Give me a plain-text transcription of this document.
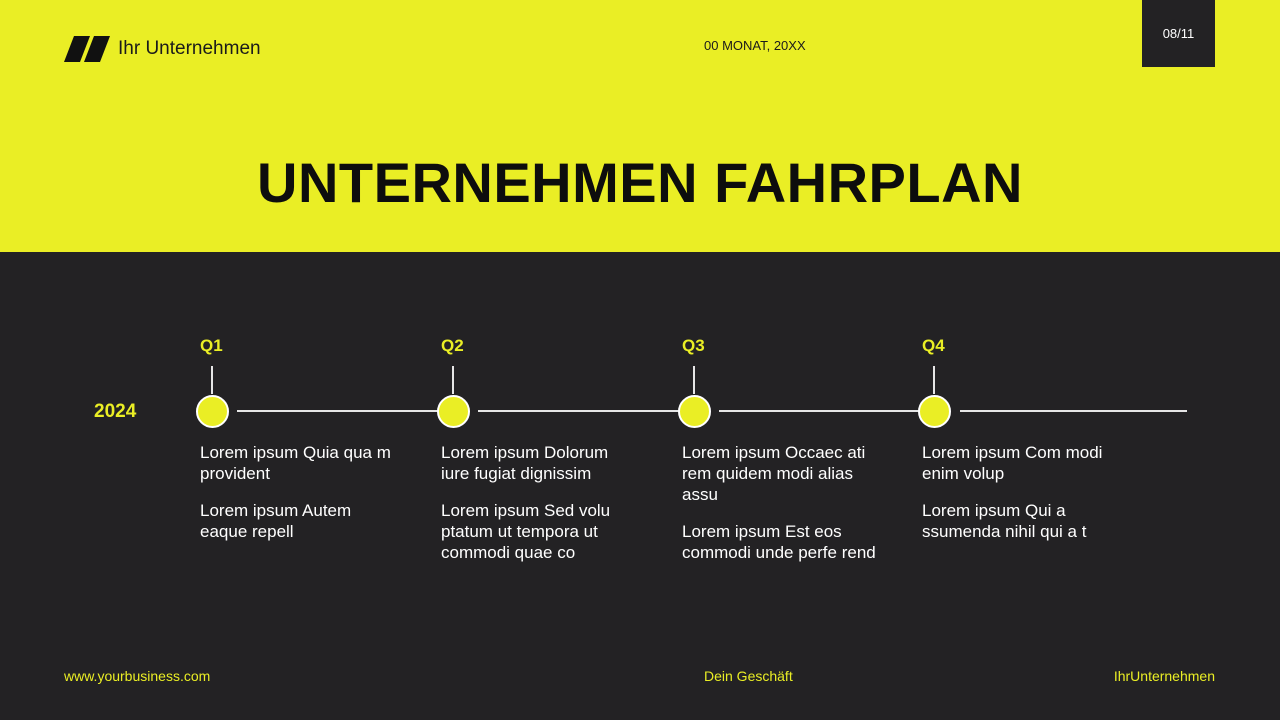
Ihr Unternehmen	00 MONAT, 20XX
08/11
UNTERNEHMEN FAHRPLAN
2024
Q1

Lorem ipsum Quia qua m provident

Lorem ipsum Autem eaque repell

Q2

Lorem ipsum Dolorum iure fugiat dignissim

Lorem ipsum Sed volu ptatum ut tempora ut commodi quae co

Q3

Lorem ipsum Occaec ati rem quidem modi alias assu

Lorem ipsum Est eos commodi unde perfe rend

Q4

Lorem ipsum Com modi enim volup

Lorem ipsum Qui a ssumenda nihil qui a t

www.yourbusiness.com	Dein Geschäft	IhrUnternehmen
